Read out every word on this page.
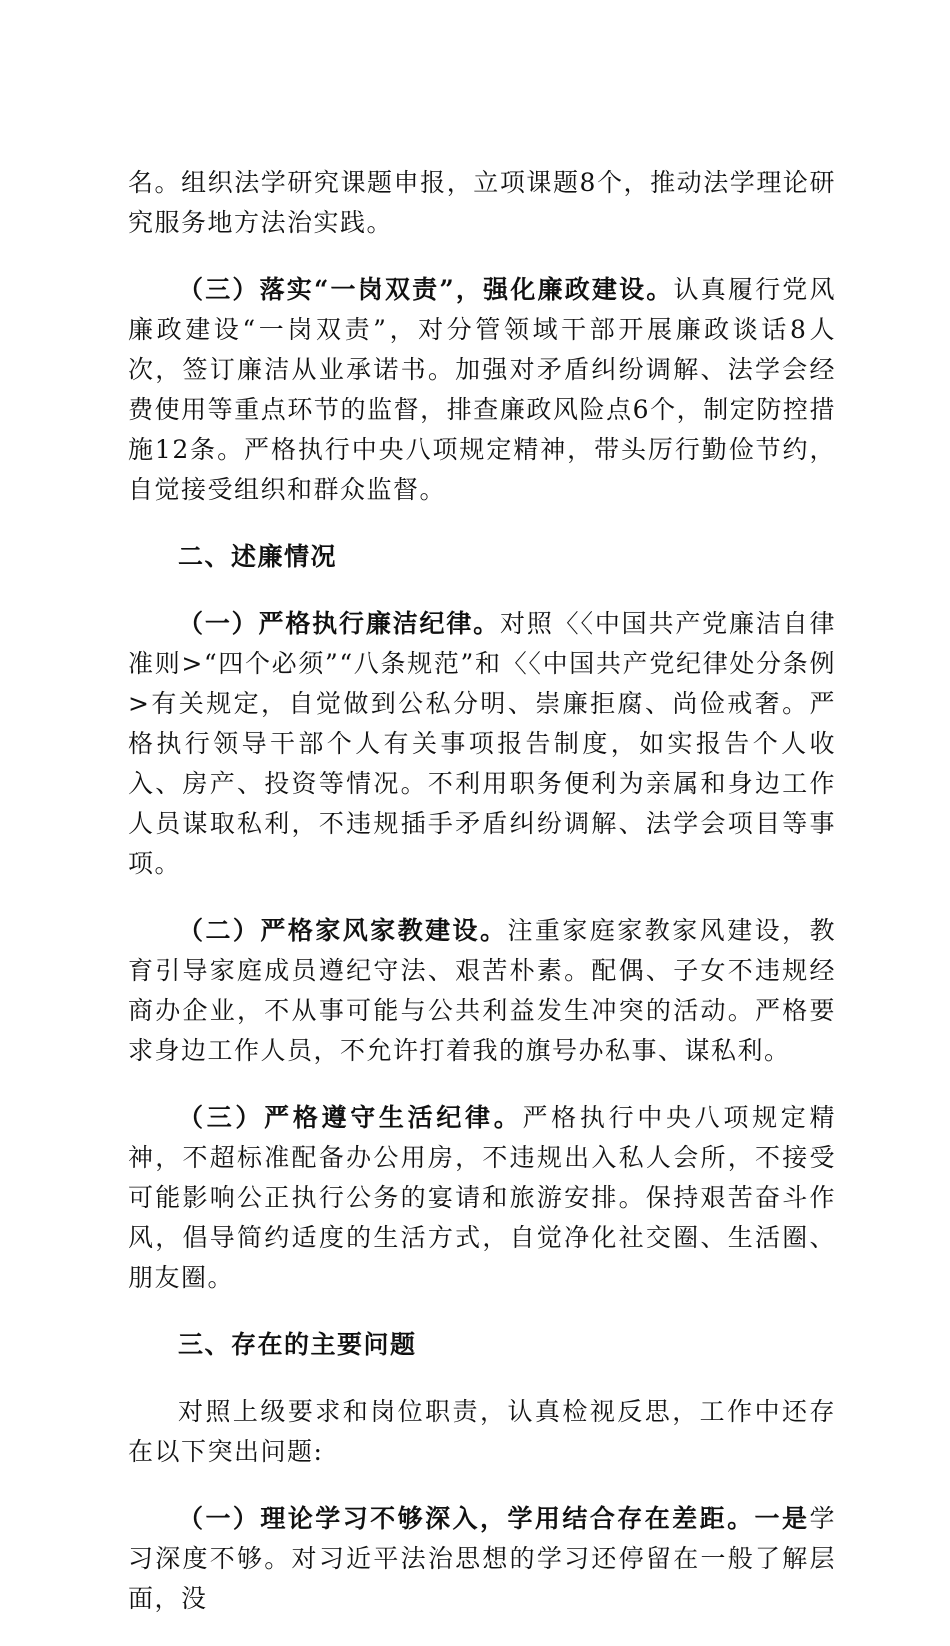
名。组织法学研究课题申报，立项课题8个，推动法学理论研究服务地方法治实践。

（三）落实“一岗双责”，强化廉政建设。认真履行党风廉政建设“一岗双责”，对分管领域干部开展廉政谈话8人次，签订廉洁从业承诺书。加强对矛盾纠纷调解、法学会经费使用等重点环节的监督，排查廉政风险点6个，制定防控措施12条。严格执行中央八项规定精神，带头厉行勤俭节约，自觉接受组织和群众监督。

二、述廉情况

（一）严格执行廉洁纪律。对照〈〈中国共产党廉洁自律准则>“四个必须”“八条规范”和〈〈中国共产党纪律处分条例>有关规定，自觉做到公私分明、崇廉拒腐、尚俭戒奢。严格执行领导干部个人有关事项报告制度，如实报告个人收入、房产、投资等情况。不利用职务便利为亲属和身边工作人员谋取私利，不违规插手矛盾纠纷调解、法学会项目等事项。

（二）严格家风家教建设。注重家庭家教家风建设，教育引导家庭成员遵纪守法、艰苦朴素。配偶、子女不违规经商办企业，不从事可能与公共利益发生冲突的活动。严格要求身边工作人员，不允许打着我的旗号办私事、谋私利。

（三）严格遵守生活纪律。严格执行中央八项规定精神，不超标准配备办公用房，不违规出入私人会所，不接受可能影响公正执行公务的宴请和旅游安排。保持艰苦奋斗作风，倡导简约适度的生活方式，自觉净化社交圈、生活圈、朋友圈。

三、存在的主要问题

对照上级要求和岗位职责，认真检视反思，工作中还存在以下突出问题:

（一）理论学习不够深入，学用结合存在差距。一是学习深度不够。对习近平法治思想的学习还停留在一般了解层面，没
